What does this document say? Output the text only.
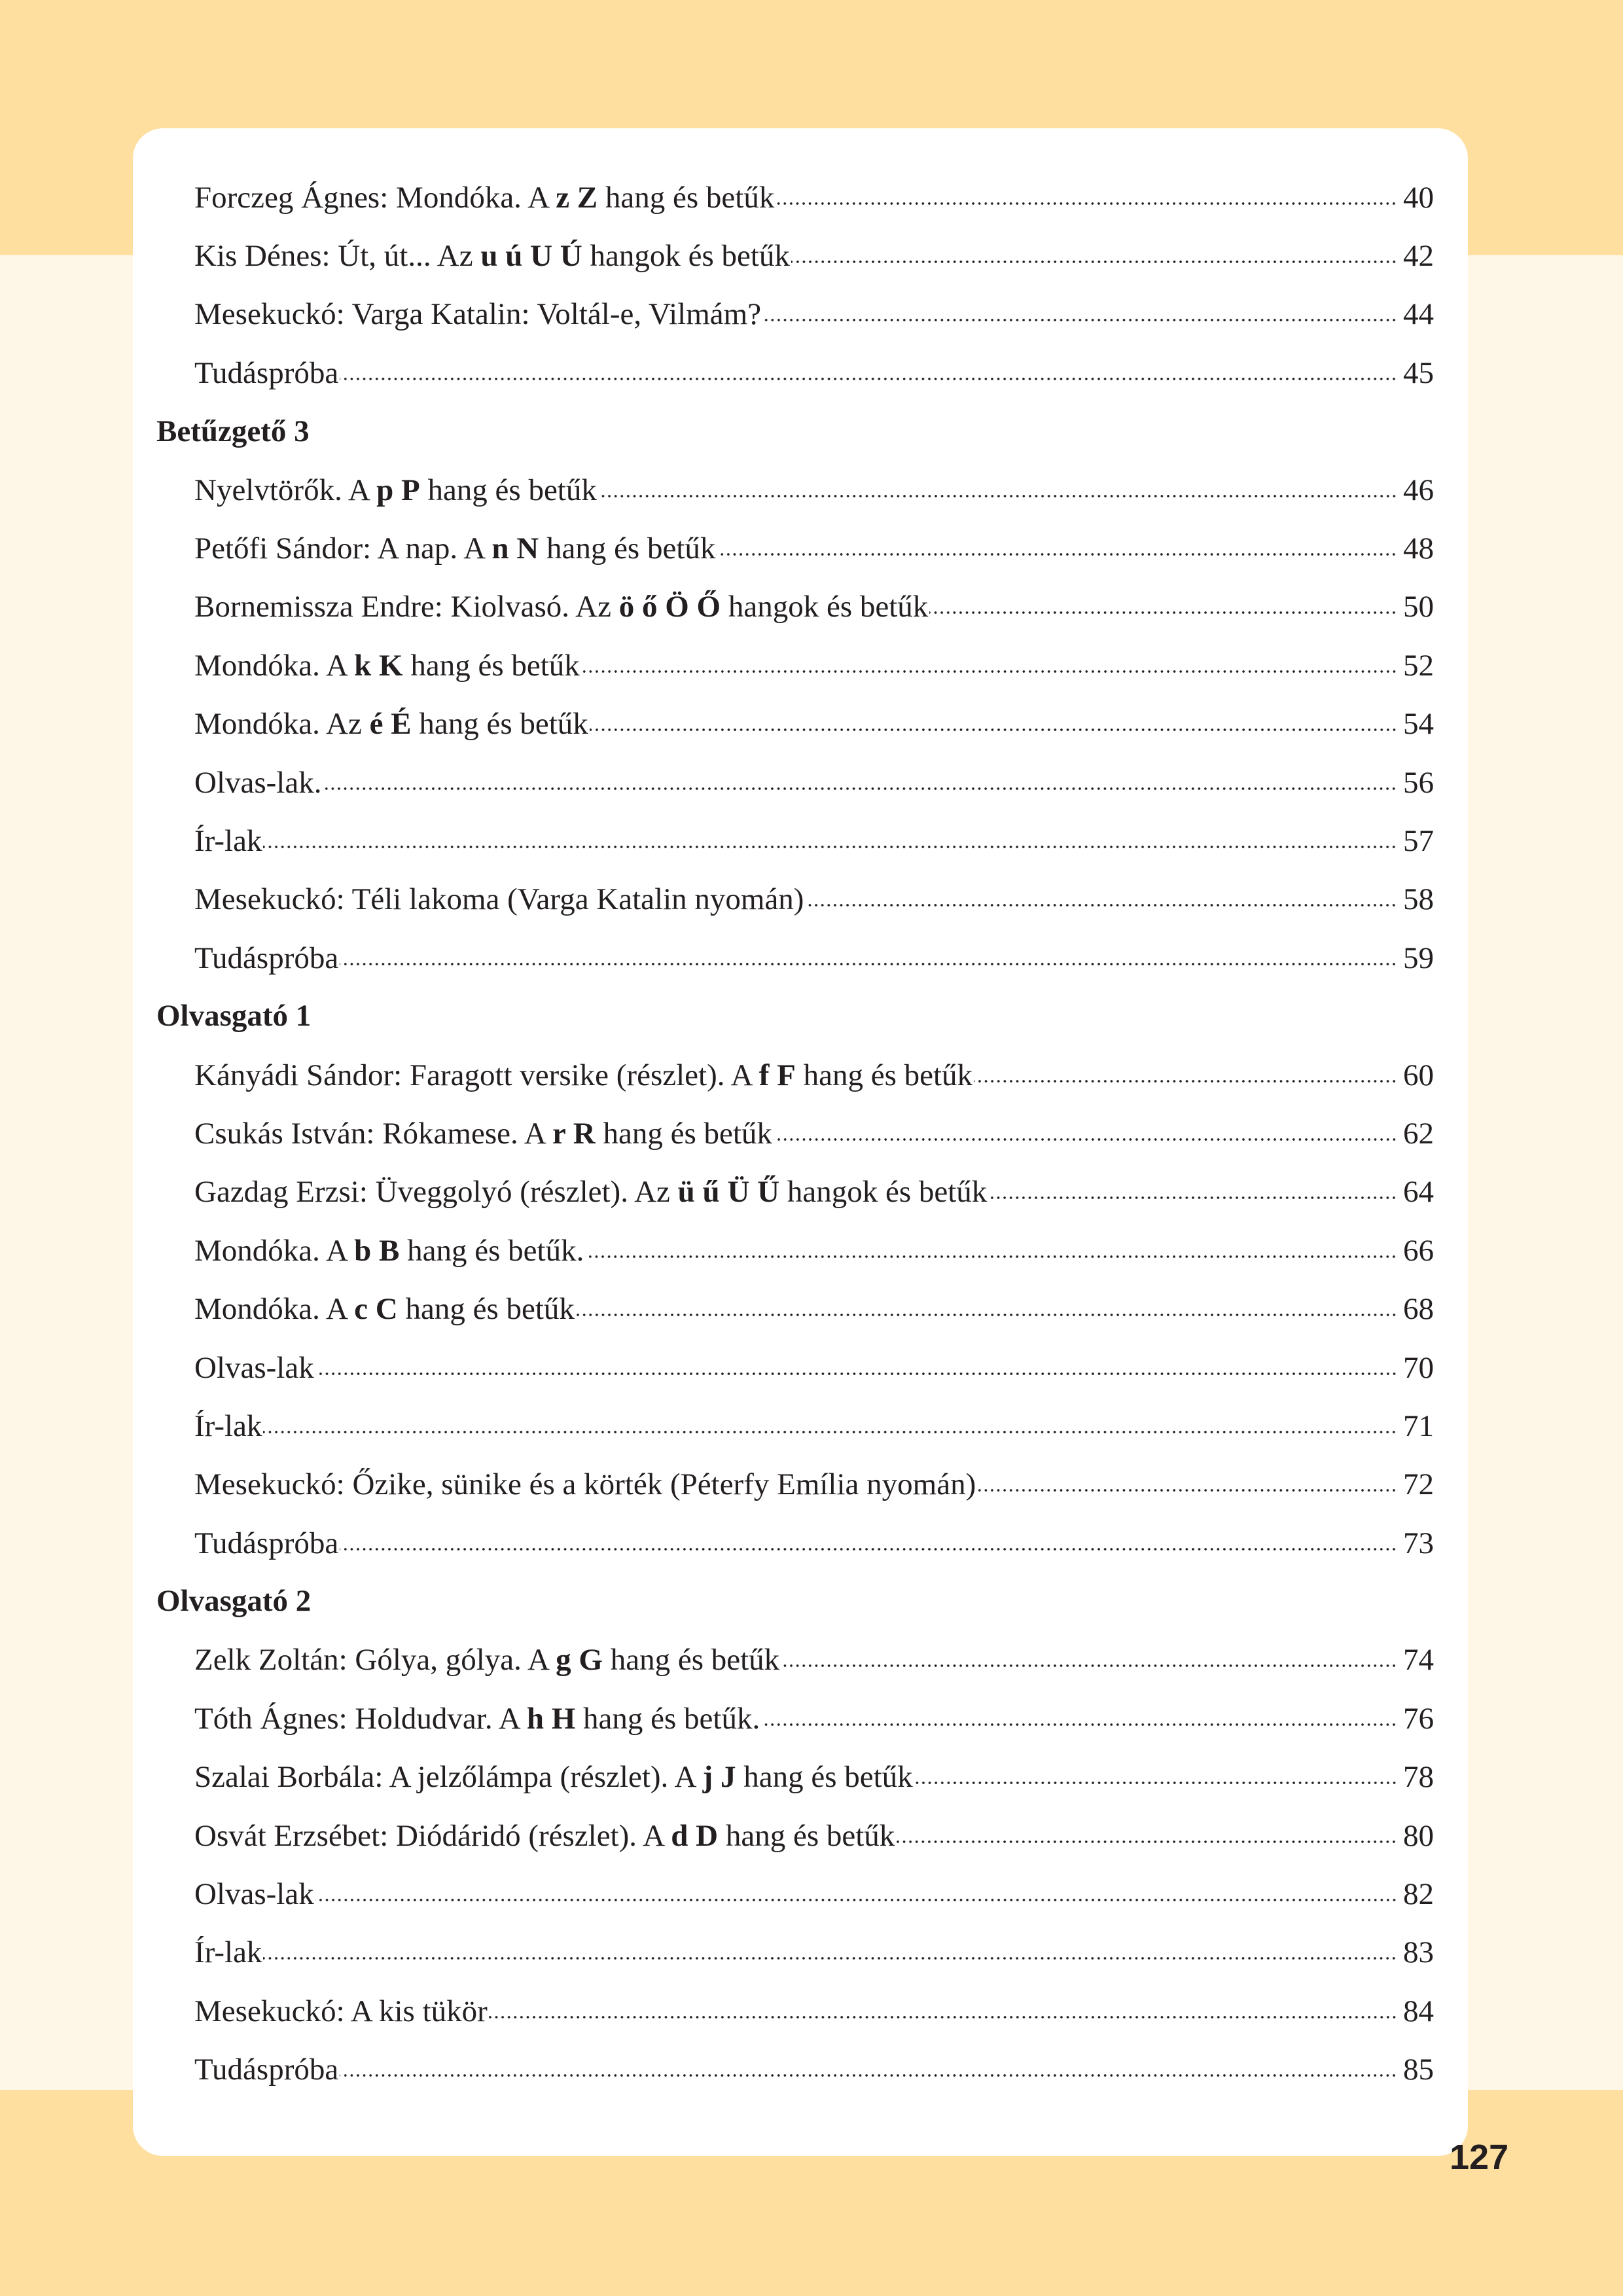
Forczeg Ágnes: Mondóka. A z Z hang és betűk	40
Kis Dénes: Út, út... Az u ú U Ú hangok és betűk	42
Mesekuckó: Varga Katalin: Voltál-e, Vilmám?	44
Tudáspróba	45
Betűzgető 3
Nyelvtörők. A p P hang és betűk	46
Petőfi Sándor: A nap. A n N hang és betűk	48
Bornemissza Endre: Kiolvasó. Az ö ő Ö Ő hangok és betűk	50
Mondóka. A k K hang és betűk	52
Mondóka. Az é É hang és betűk	54
Olvas-lak.	56
Ír-lak	57
Mesekuckó: Téli lakoma (Varga Katalin nyomán)	58
Tudáspróba	59
Olvasgató 1
Kányádi Sándor: Faragott versike (részlet). A f F hang és betűk	60
Csukás István: Rókamese. A r R hang és betűk	62
Gazdag Erzsi: Üveggolyó (részlet). Az ü ű Ü Ű hangok és betűk	64
Mondóka. A b B hang és betűk.	66
Mondóka. A c C hang és betűk	68
Olvas-lak	70
Ír-lak	71
Mesekuckó: Őzike, sünike és a körték (Péterfy Emília nyomán)	72
Tudáspróba	73
Olvasgató 2
Zelk Zoltán: Gólya, gólya. A g G hang és betűk	74
Tóth Ágnes: Holdudvar. A h H hang és betűk.	76
Szalai Borbála: A jelzőlámpa (részlet). A j J hang és betűk	78
Osvát Erzsébet: Diódáridó (részlet). A d D hang és betűk	80
Olvas-lak	82
Ír-lak	83
Mesekuckó: A kis tükör	84
Tudáspróba	85
127
